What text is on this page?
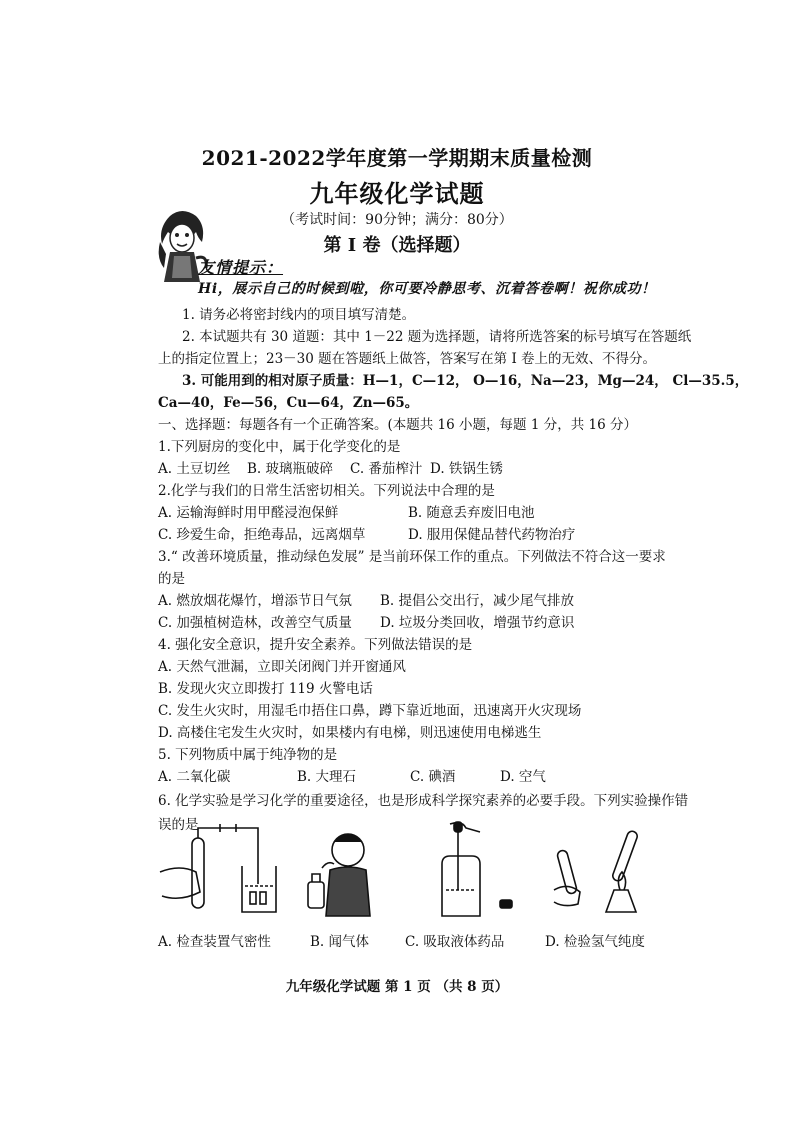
2021-2022学年度第一学期期末质量检测
九年级化学试题
（考试时间：90分钟；满分：80分）
第 Ⅰ 卷（选择题）
友情提示：
Hi，展示自己的时候到啦，你可要冷静思考、沉着答卷啊！祝你成功！
1. 请务必将密封线内的项目填写清楚。
2. 本试题共有 30 道题：其中 1－22 题为选择题，请将所选答案的标号填写在答题纸
上的指定位置上；23－30 题在答题纸上做答，答案写在第 I 卷上的无效、不得分。
3. 可能用到的相对原子质量：H—1，C—12， O—16，Na—23，Mg—24， Cl—35.5，
Ca—40，Fe—56，Cu—64，Zn—65。
一、选择题：每题各有一个正确答案。(本题共 16 小题，每题 1 分，共 16 分）
1.下列厨房的变化中，属于化学变化的是
A. 土豆切丝 B. 玻璃瓶破碎 C. 番茄榨汁 D. 铁锅生锈
2.化学与我们的日常生活密切相关。下列说法中合理的是
A. 运输海鲜时用甲醛浸泡保鲜	B. 随意丢弃废旧电池
C. 珍爱生命，拒绝毒品，远离烟草	D. 服用保健品替代药物治疗
3.“ 改善环境质量，推动绿色发展” 是当前环保工作的重点。下列做法不符合这一要求
的是
A. 燃放烟花爆竹，增添节日气氛 B. 提倡公交出行，减少尾气排放
C. 加强植树造林，改善空气质量 D. 垃圾分类回收，增强节约意识
4. 强化安全意识，提升安全素养。下列做法错误的是
A. 天然气泄漏，立即关闭阀门并开窗通风
B. 发现火灾立即拨打 119 火警电话
C. 发生火灾时，用湿毛巾捂住口鼻，蹲下靠近地面，迅速离开火灾现场
D. 高楼住宅发生火灾时，如果楼内有电梯，则迅速使用电梯逃生
5. 下列物质中属于纯净物的是
A. 二氧化碳	B. 大理石	C. 碘酒	D. 空气
6. 化学实验是学习化学的重要途径，也是形成科学探究素养的必要手段。下列实验操作错
误的是
A. 检查装置气密性	B. 闻气体	C. 吸取液体药品	D. 检验氢气纯度
九年级化学试题 第 1 页 （共 8 页）
